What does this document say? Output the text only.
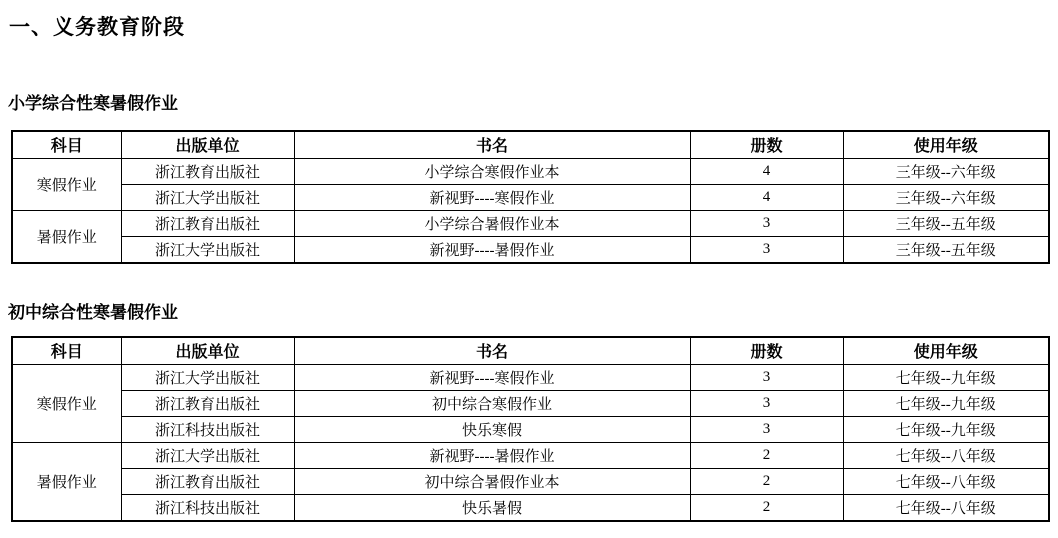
一、义务教育阶段
小学综合性寒暑假作业
科目	出版单位	书名	册数	使用年级
寒假作业	浙江教育出版社	小学综合寒假作业本	4	三年级--六年级
	浙江大学出版社	新视野----寒假作业	4	三年级--六年级
暑假作业	浙江教育出版社	小学综合暑假作业本	3	三年级--五年级
	浙江大学出版社	新视野----暑假作业	3	三年级--五年级
初中综合性寒暑假作业
科目	出版单位	书名	册数	使用年级
寒假作业	浙江大学出版社	新视野----寒假作业	3	七年级--九年级
	浙江教育出版社	初中综合寒假作业	3	七年级--九年级
	浙江科技出版社	快乐寒假	3	七年级--九年级
暑假作业	浙江大学出版社	新视野----暑假作业	2	七年级--八年级
	浙江教育出版社	初中综合暑假作业本	2	七年级--八年级
	浙江科技出版社	快乐暑假	2	七年级--八年级
